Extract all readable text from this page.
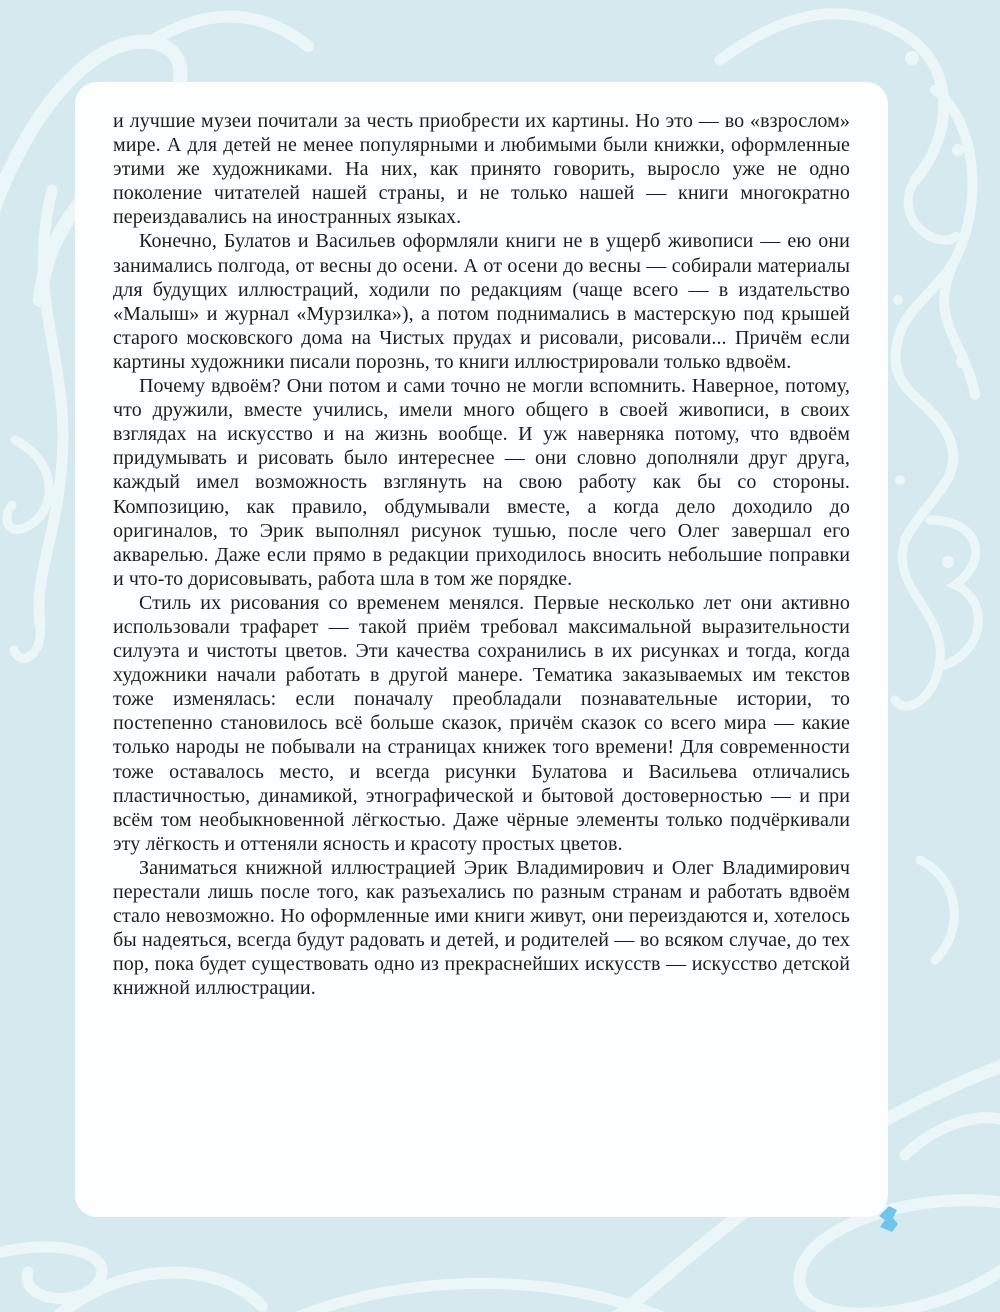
и лучшие музеи почитали за честь приобрести их картины. Но это — во «взрослом» мире. А для детей не менее популярными и любимыми были книжки, оформленные этими же художниками. На них, как принято говорить, выросло уже не одно поколение читателей нашей страны, и не только нашей — книги многократно переиздавались на иностранных языках.

Конечно, Булатов и Васильев оформляли книги не в ущерб живописи — ею они занимались полгода, от весны до осени. А от осени до весны — собирали материалы для будущих иллюстраций, ходили по редакциям (чаще всего — в издательство «Малыш» и журнал «Мурзилка»), а потом поднимались в мастерскую под крышей старого московского дома на Чистых прудах и рисовали, рисовали... Причём если картины художники писали порознь, то книги иллюстрировали только вдвоём.

Почему вдвоём? Они потом и сами точно не могли вспомнить. Наверное, потому, что дружили, вместе учились, имели много общего в своей живописи, в своих взглядах на искусство и на жизнь вообще. И уж наверняка потому, что вдвоём придумывать и рисовать было интереснее — они словно дополняли друг друга, каждый имел возможность взглянуть на свою работу как бы со стороны. Композицию, как правило, обдумывали вместе, а когда дело доходило до оригиналов, то Эрик выполнял рисунок тушью, после чего Олег завершал его акварелью. Даже если прямо в редакции приходилось вносить небольшие поправки и что-то дорисовывать, работа шла в том же порядке.

Стиль их рисования со временем менялся. Первые несколько лет они активно использовали трафарет — такой приём требовал максимальной выразительности силуэта и чистоты цветов. Эти качества сохранились в их рисунках и тогда, когда художники начали работать в другой манере. Тематика заказываемых им текстов тоже изменялась: если поначалу преобладали познавательные истории, то постепенно становилось всё больше сказок, причём сказок со всего мира — какие только народы не побывали на страницах книжек того времени! Для современности тоже оставалось место, и всегда рисунки Булатова и Васильева отличались пластичностью, динамикой, этнографической и бытовой достоверностью — и при всём том необыкновенной лёгкостью. Даже чёрные элементы только подчёркивали эту лёгкость и оттеняли ясность и красоту простых цветов.

Заниматься книжной иллюстрацией Эрик Владимирович и Олег Владимирович перестали лишь после того, как разъехались по разным странам и работать вдвоём стало невозможно. Но оформленные ими книги живут, они переиздаются и, хотелось бы надеяться, всегда будут радовать и детей, и родителей — во всяком случае, до тех пор, пока будет существовать одно из прекраснейших искусств — искусство детской книжной иллюстрации.
